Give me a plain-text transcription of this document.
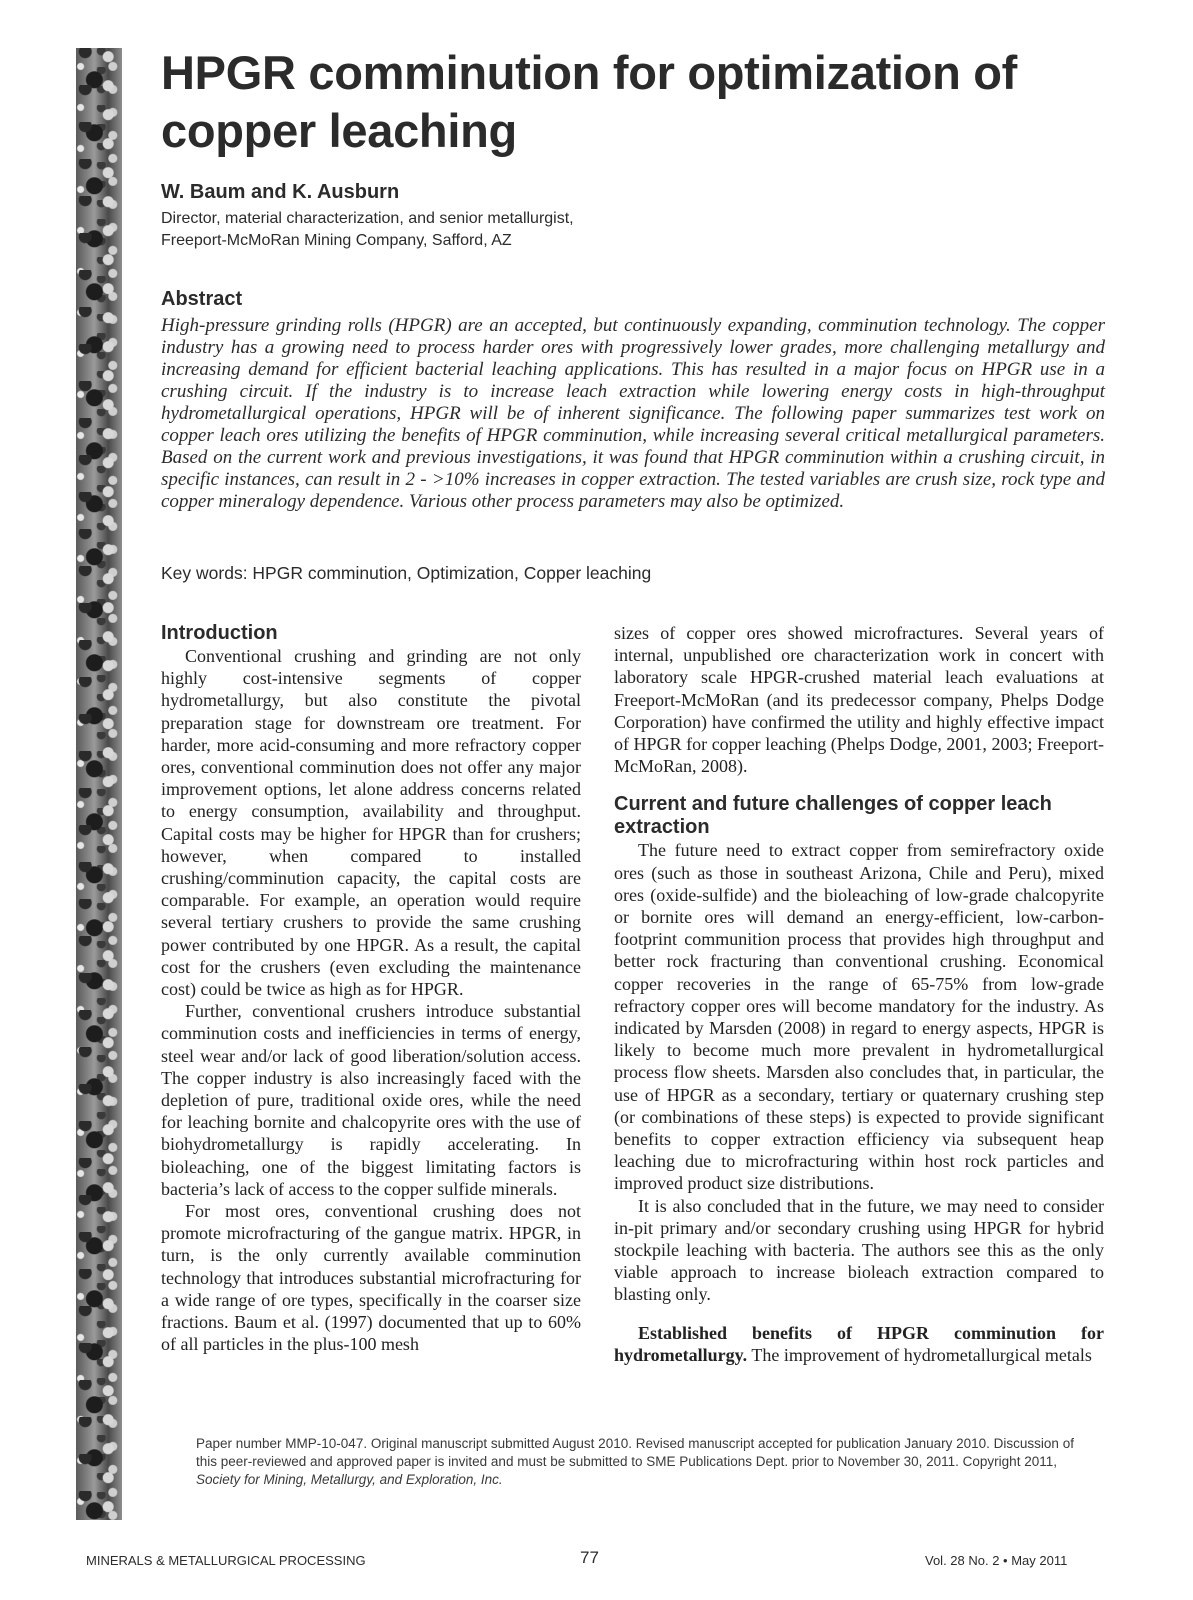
HPGR comminution for optimization of copper leaching

W. Baum and K. Ausburn

Director, material characterization, and senior metallurgist,
Freeport-McMoRan Mining Company, Safford, AZ

Abstract

High-pressure grinding rolls (HPGR) are an accepted, but continuously expanding, comminution technology. The copper industry has a growing need to process harder ores with progressively lower grades, more challenging metallurgy and increasing demand for efficient bacterial leaching applications. This has resulted in a major focus on HPGR use in a crushing circuit. If the industry is to increase leach extraction while lowering energy costs in high-throughput hydrometallurgical operations, HPGR will be of inherent significance. The following paper summarizes test work on copper leach ores utilizing the benefits of HPGR comminution, while increasing several critical metallurgical parameters. Based on the current work and previous investigations, it was found that HPGR comminution within a crushing circuit, in specific instances, can result in 2 - >10% increases in copper extraction. The tested variables are crush size, rock type and copper mineralogy dependence. Various other process parameters may also be optimized.

Key words: HPGR comminution, Optimization, Copper leaching

Introduction

Conventional crushing and grinding are not only highly cost-intensive segments of copper hydrometallurgy, but also constitute the pivotal preparation stage for downstream ore treatment. For harder, more acid-consuming and more refractory copper ores, conventional comminution does not offer any major improvement options, let alone address concerns related to energy consumption, availability and throughput. Capital costs may be higher for HPGR than for crushers; however, when compared to installed crushing/comminution capacity, the capital costs are comparable. For example, an operation would require several tertiary crushers to provide the same crushing power contributed by one HPGR. As a result, the capital cost for the crushers (even excluding the maintenance cost) could be twice as high as for HPGR.

Further, conventional crushers introduce substantial comminution costs and inefficiencies in terms of energy, steel wear and/or lack of good liberation/solution access. The copper industry is also increasingly faced with the depletion of pure, traditional oxide ores, while the need for leaching bornite and chalcopyrite ores with the use of biohydrometallurgy is rapidly accelerating. In bioleaching, one of the biggest limitating factors is bacteria’s lack of access to the copper sulfide minerals.

For most ores, conventional crushing does not promote microfracturing of the gangue matrix. HPGR, in turn, is the only currently available comminution technology that introduces substantial microfracturing for a wide range of ore types, specifically in the coarser size fractions. Baum et al. (1997) documented that up to 60% of all particles in the plus-100 mesh

sizes of copper ores showed microfractures. Several years of internal, unpublished ore characterization work in concert with laboratory scale HPGR-crushed material leach evaluations at Freeport-McMoRan (and its predecessor company, Phelps Dodge Corporation) have confirmed the utility and highly effective impact of HPGR for copper leaching (Phelps Dodge, 2001, 2003; Freeport-McMoRan, 2008).

Current and future challenges of copper leach extraction

The future need to extract copper from semirefractory oxide ores (such as those in southeast Arizona, Chile and Peru), mixed ores (oxide-sulfide) and the bioleaching of low-grade chalcopyrite or bornite ores will demand an energy-efficient, low-carbon-footprint communition process that provides high throughput and better rock fracturing than conventional crushing. Economical copper recoveries in the range of 65-75% from low-grade refractory copper ores will become mandatory for the industry. As indicated by Marsden (2008) in regard to energy aspects, HPGR is likely to become much more prevalent in hydrometallurgical process flow sheets. Marsden also concludes that, in particular, the use of HPGR as a secondary, tertiary or quaternary crushing step (or combinations of these steps) is expected to provide significant benefits to copper extraction efficiency via subsequent heap leaching due to microfracturing within host rock particles and improved product size distributions.

It is also concluded that in the future, we may need to consider in-pit primary and/or secondary crushing using HPGR for hybrid stockpile leaching with bacteria. The authors see this as the only viable approach to increase bioleach extraction compared to blasting only.

Established benefits of HPGR comminution for hydrometallurgy. The improvement of hydrometallurgical metals

Paper number MMP-10-047. Original manuscript submitted August 2010. Revised manuscript accepted for publication January 2010. Discussion of this peer-reviewed and approved paper is invited and must be submitted to SME Publications Dept. prior to November 30, 2011. Copyright 2011, Society for Mining, Metallurgy, and Exploration, Inc.

MINERALS & METALLURGICAL PROCESSING	77	Vol. 28 No. 2 • May 2011
